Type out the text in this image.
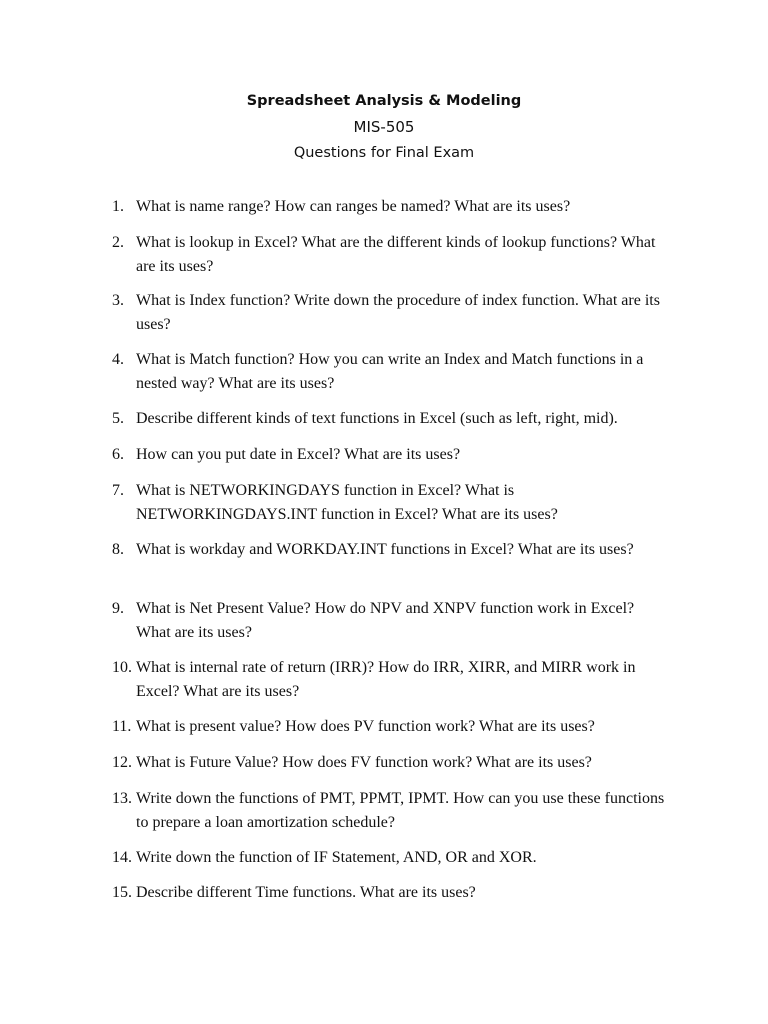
Spreadsheet Analysis & Modeling
MIS-505
Questions for Final Exam
1. What is name range? How can ranges be named? What are its uses?
2. What is lookup in Excel? What are the different kinds of lookup functions? What are its uses?
3. What is Index function? Write down the procedure of index function. What are its uses?
4. What is Match function? How you can write an Index and Match functions in a nested way? What are its uses?
5. Describe different kinds of text functions in Excel (such as left, right, mid).
6. How can you put date in Excel? What are its uses?
7. What is NETWORKINGDAYS function in Excel? What is NETWORKINGDAYS.INT function in Excel? What are its uses?
8. What is workday and WORKDAY.INT functions in Excel? What are its uses?
9. What is Net Present Value? How do NPV and XNPV function work in Excel? What are its uses?
10. What is internal rate of return (IRR)? How do IRR, XIRR, and MIRR work in Excel? What are its uses?
11. What is present value? How does PV function work? What are its uses?
12. What is Future Value? How does FV function work? What are its uses?
13. Write down the functions of PMT, PPMT, IPMT. How can you use these functions to prepare a loan amortization schedule?
14. Write down the function of IF Statement, AND, OR and XOR.
15. Describe different Time functions. What are its uses?
